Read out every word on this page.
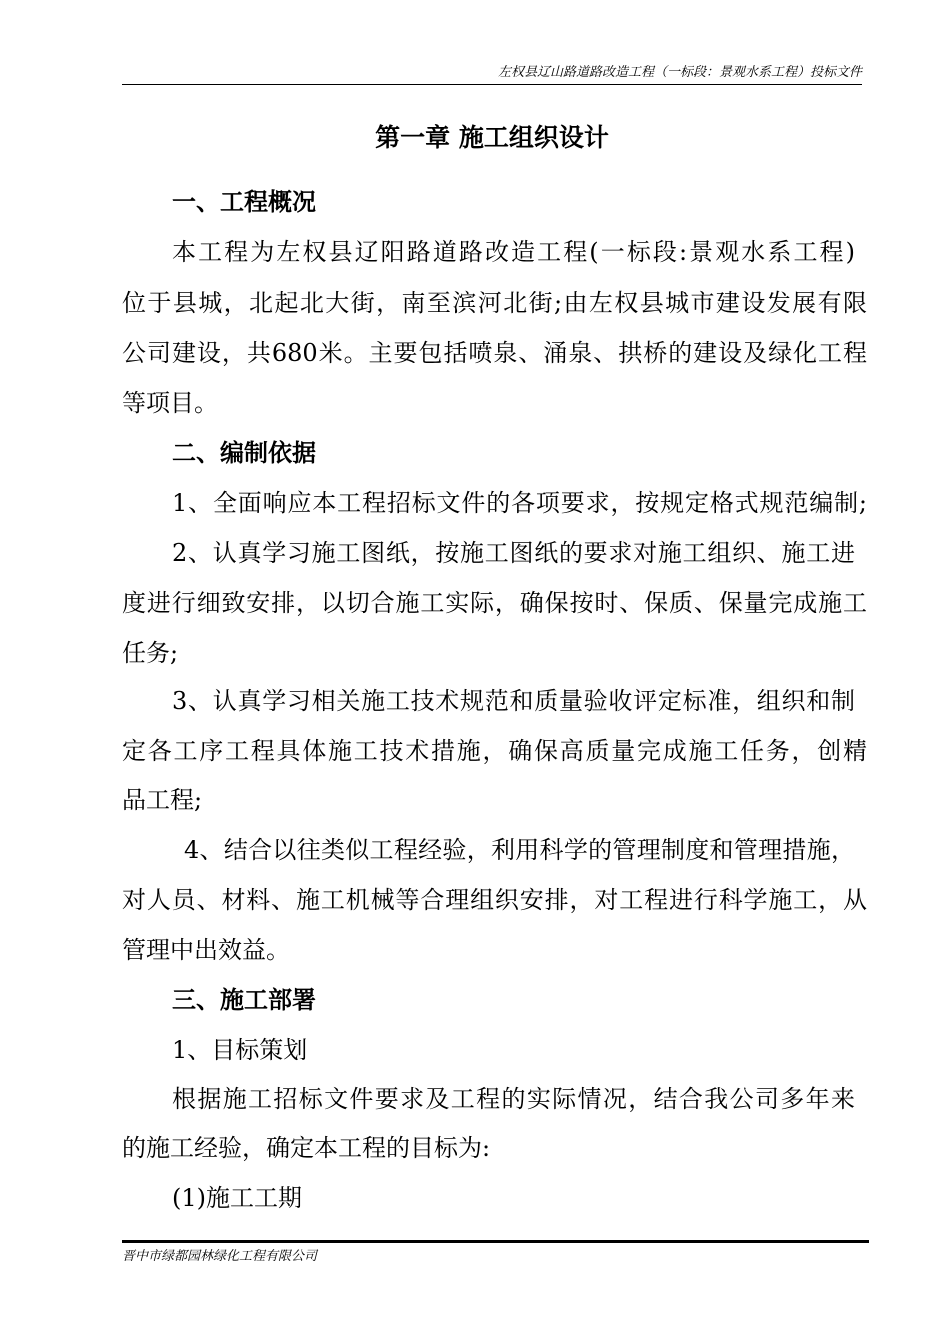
左权县辽山路道路改造工程（一标段：景观水系工程）投标文件
第一章 施工组织设计
一、工程概况
本工程为左权县辽阳路道路改造工程(一标段:景观水系工程)
位于县城，北起北大街，南至滨河北街;由左权县城市建设发展有限
公司建设，共680米。主要包括喷泉、涌泉、拱桥的建设及绿化工程
等项目。
二、编制依据
1、全面响应本工程招标文件的各项要求，按规定格式规范编制;
2、认真学习施工图纸，按施工图纸的要求对施工组织、施工进
度进行细致安排，以切合施工实际，确保按时、保质、保量完成施工
任务;
3、认真学习相关施工技术规范和质量验收评定标准，组织和制
定各工序工程具体施工技术措施，确保高质量完成施工任务，创精
品工程;
4、结合以往类似工程经验，利用科学的管理制度和管理措施，
对人员、材料、施工机械等合理组织安排，对工程进行科学施工，从
管理中出效益。
三、施工部署
1、目标策划
根据施工招标文件要求及工程的实际情况，结合我公司多年来
的施工经验，确定本工程的目标为:
(1)施工工期
晋中市绿都园林绿化工程有限公司
